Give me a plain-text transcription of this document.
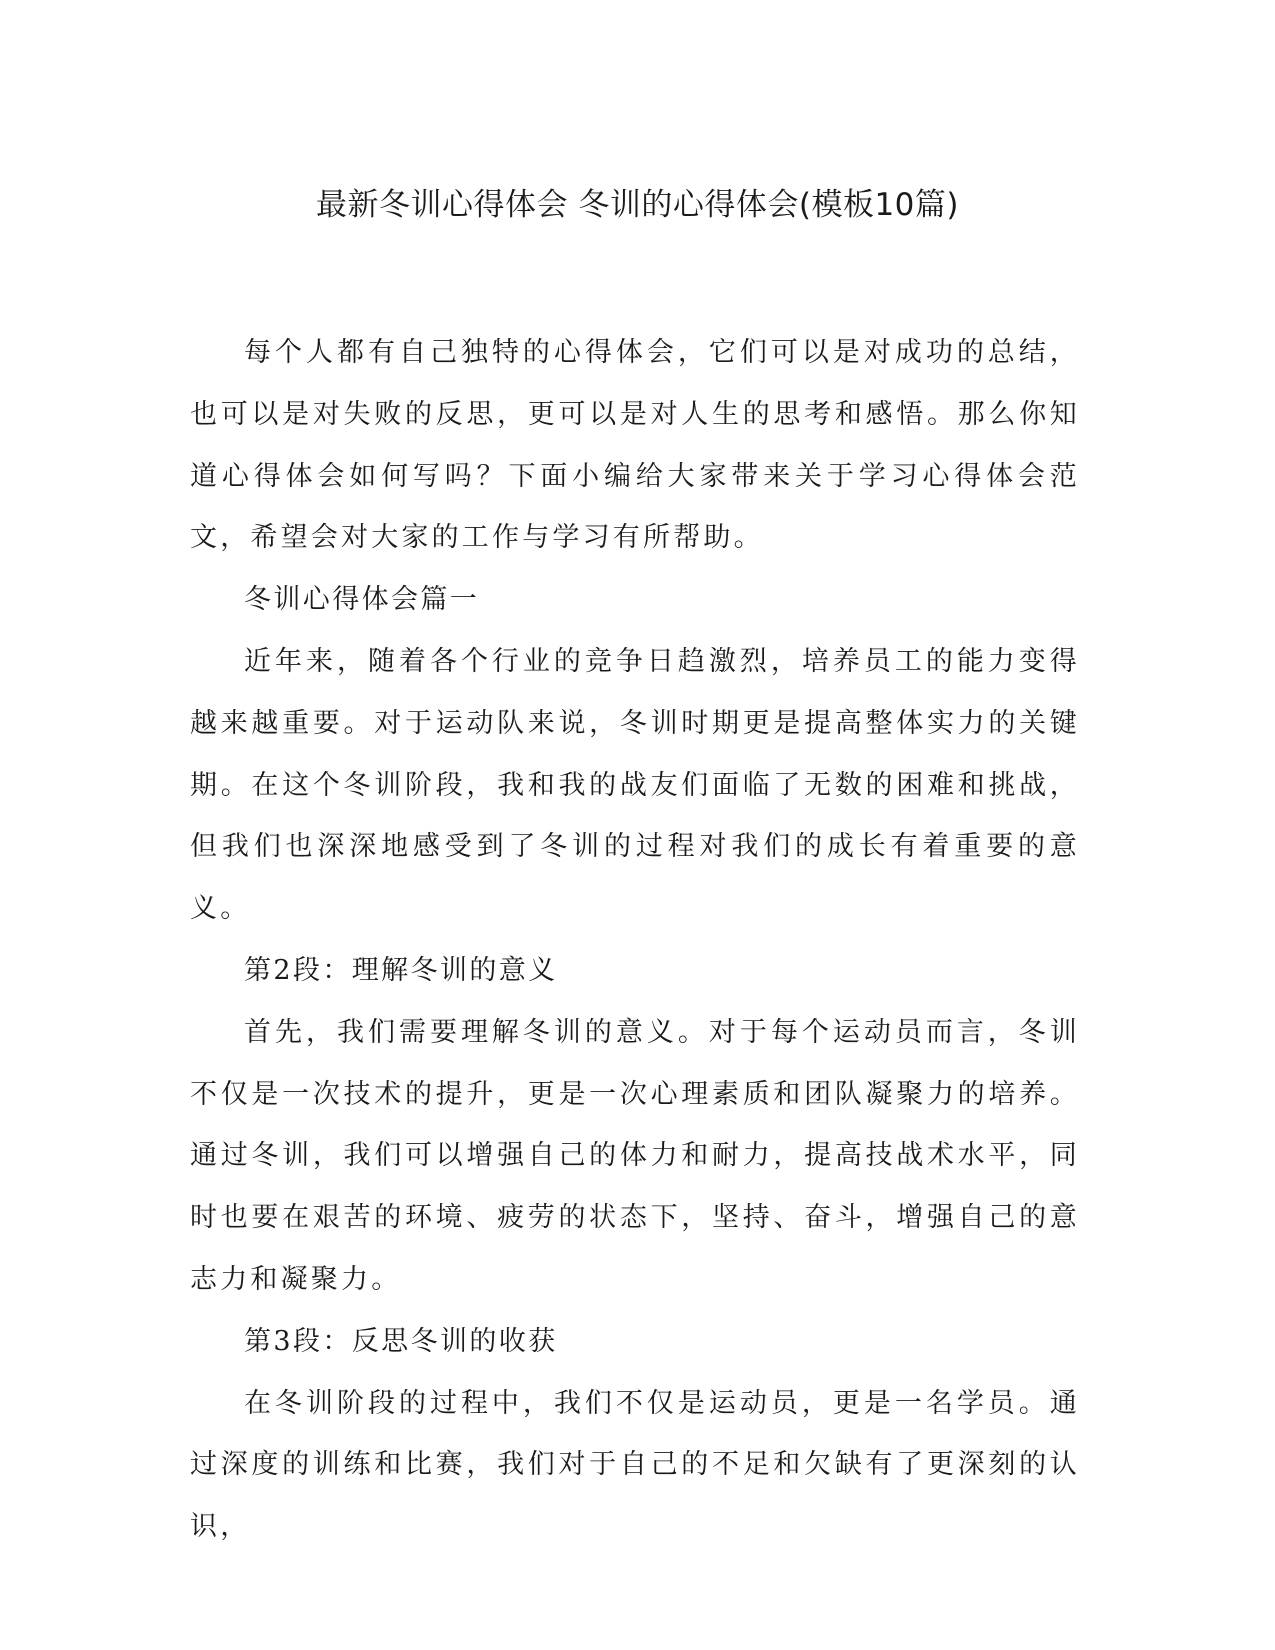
最新冬训心得体会 冬训的心得体会(模板10篇)

每个人都有自己独特的心得体会，它们可以是对成功的总结，也可以是对失败的反思，更可以是对人生的思考和感悟。那么你知道心得体会如何写吗？下面小编给大家带来关于学习心得体会范文，希望会对大家的工作与学习有所帮助。

冬训心得体会篇一

近年来，随着各个行业的竞争日趋激烈，培养员工的能力变得越来越重要。对于运动队来说，冬训时期更是提高整体实力的关键期。在这个冬训阶段，我和我的战友们面临了无数的困难和挑战，但我们也深深地感受到了冬训的过程对我们的成长有着重要的意义。

第2段：理解冬训的意义

首先，我们需要理解冬训的意义。对于每个运动员而言，冬训不仅是一次技术的提升，更是一次心理素质和团队凝聚力的培养。通过冬训，我们可以增强自己的体力和耐力，提高技战术水平，同时也要在艰苦的环境、疲劳的状态下，坚持、奋斗，增强自己的意志力和凝聚力。

第3段：反思冬训的收获

在冬训阶段的过程中，我们不仅是运动员，更是一名学员。通过深度的训练和比赛，我们对于自己的不足和欠缺有了更深刻的认识，
